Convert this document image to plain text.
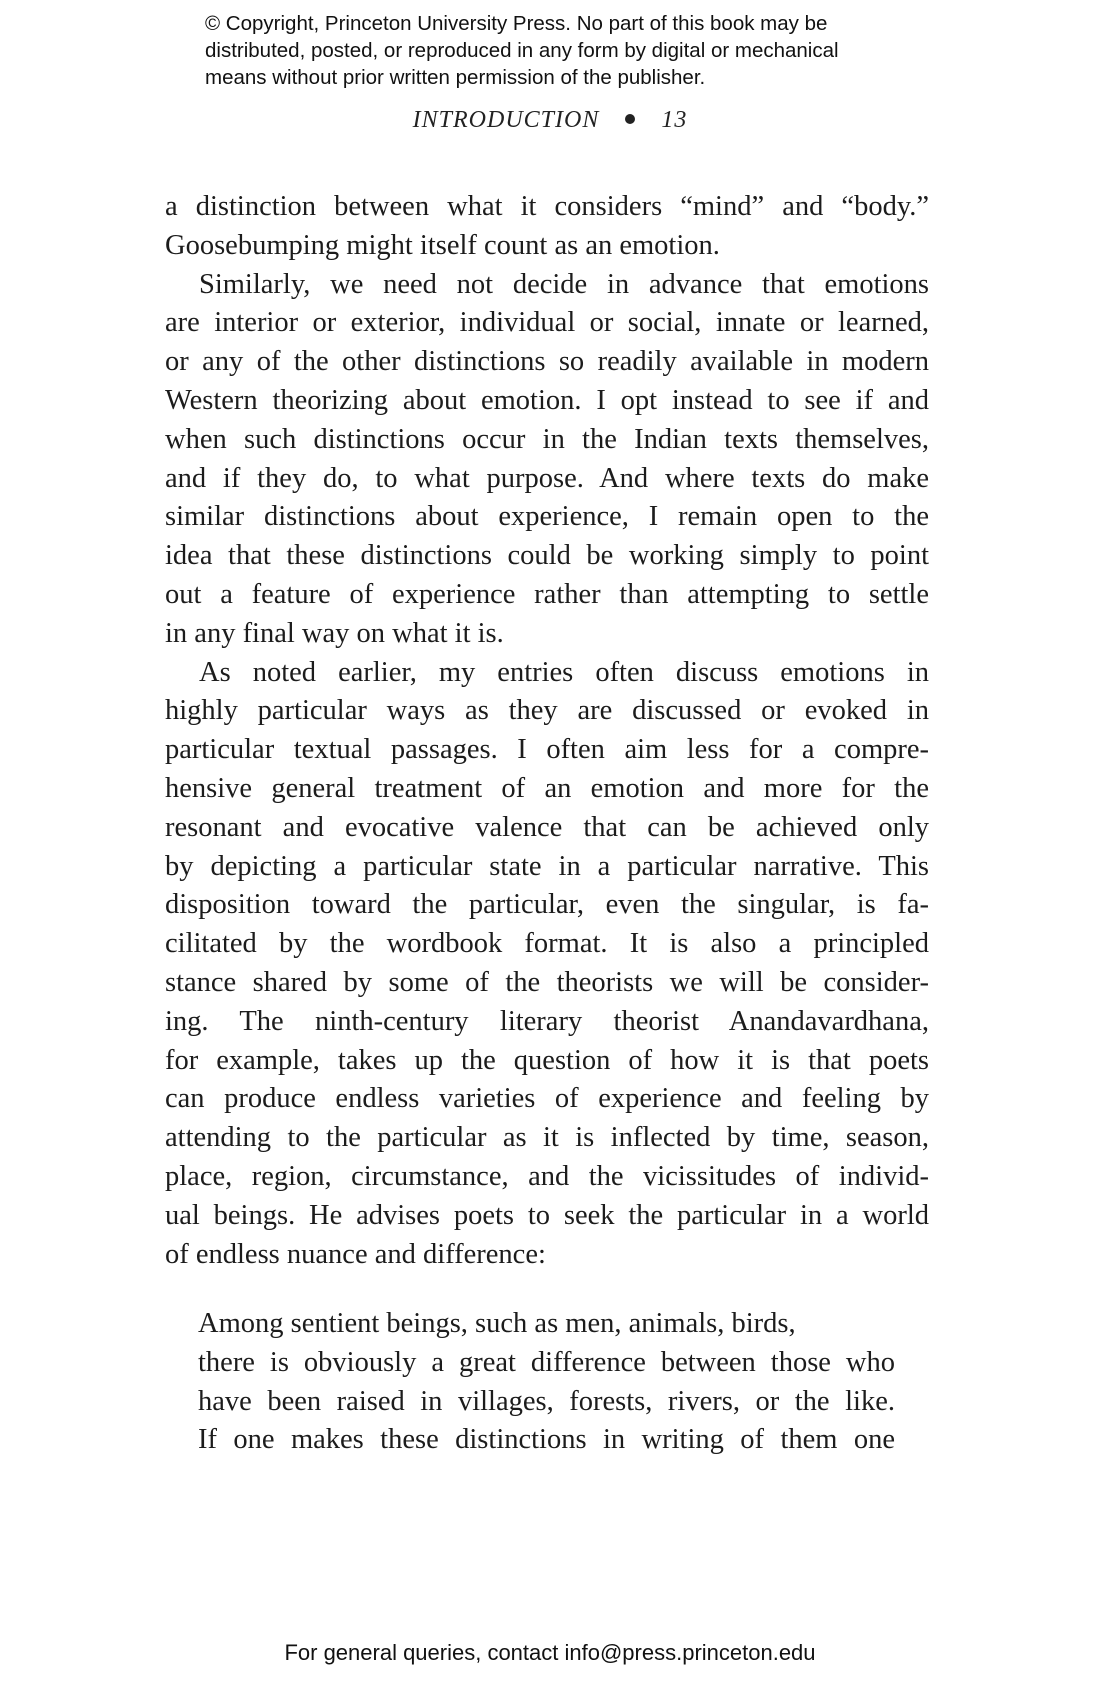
© Copyright, Princeton University Press. No part of this book may be
distributed, posted, or reproduced in any form by digital or mechanical
means without prior written permission of the publisher.
INTRODUCTION	13
a distinction between what it considers “mind” and “body.”
Goosebumping might itself count as an emotion.
Similarly, we need not decide in advance that emotions
are interior or exterior, individual or social, innate or learned,
or any of the other distinctions so readily available in modern
Western theorizing about emotion. I opt instead to see if and
when such distinctions occur in the Indian texts themselves,
and if they do, to what purpose. And where texts do make
similar distinctions about experience, I remain open to the
idea that these distinctions could be working simply to point
out a feature of experience rather than attempting to settle
in any final way on what it is.
As noted earlier, my entries often discuss emotions in
highly particular ways as they are discussed or evoked in
particular textual passages. I often aim less for a compre-
hensive general treatment of an emotion and more for the
resonant and evocative valence that can be achieved only
by depicting a particular state in a particular narrative. This
disposition toward the particular, even the singular, is fa-
cilitated by the wordbook format. It is also a principled
stance shared by some of the theorists we will be consider-
ing. The ninth-century literary theorist Anandavardhana,
for example, takes up the question of how it is that poets
can produce endless varieties of experience and feeling by
attending to the particular as it is inflected by time, season,
place, region, circumstance, and the vicissitudes of individ-
ual beings. He advises poets to seek the particular in a world
of endless nuance and difference:
Among sentient beings, such as men, animals, birds,
there is obviously a great difference between those who
have been raised in villages, forests, rivers, or the like.
If one makes these distinctions in writing of them one
For general queries, contact info@press.princeton.edu
